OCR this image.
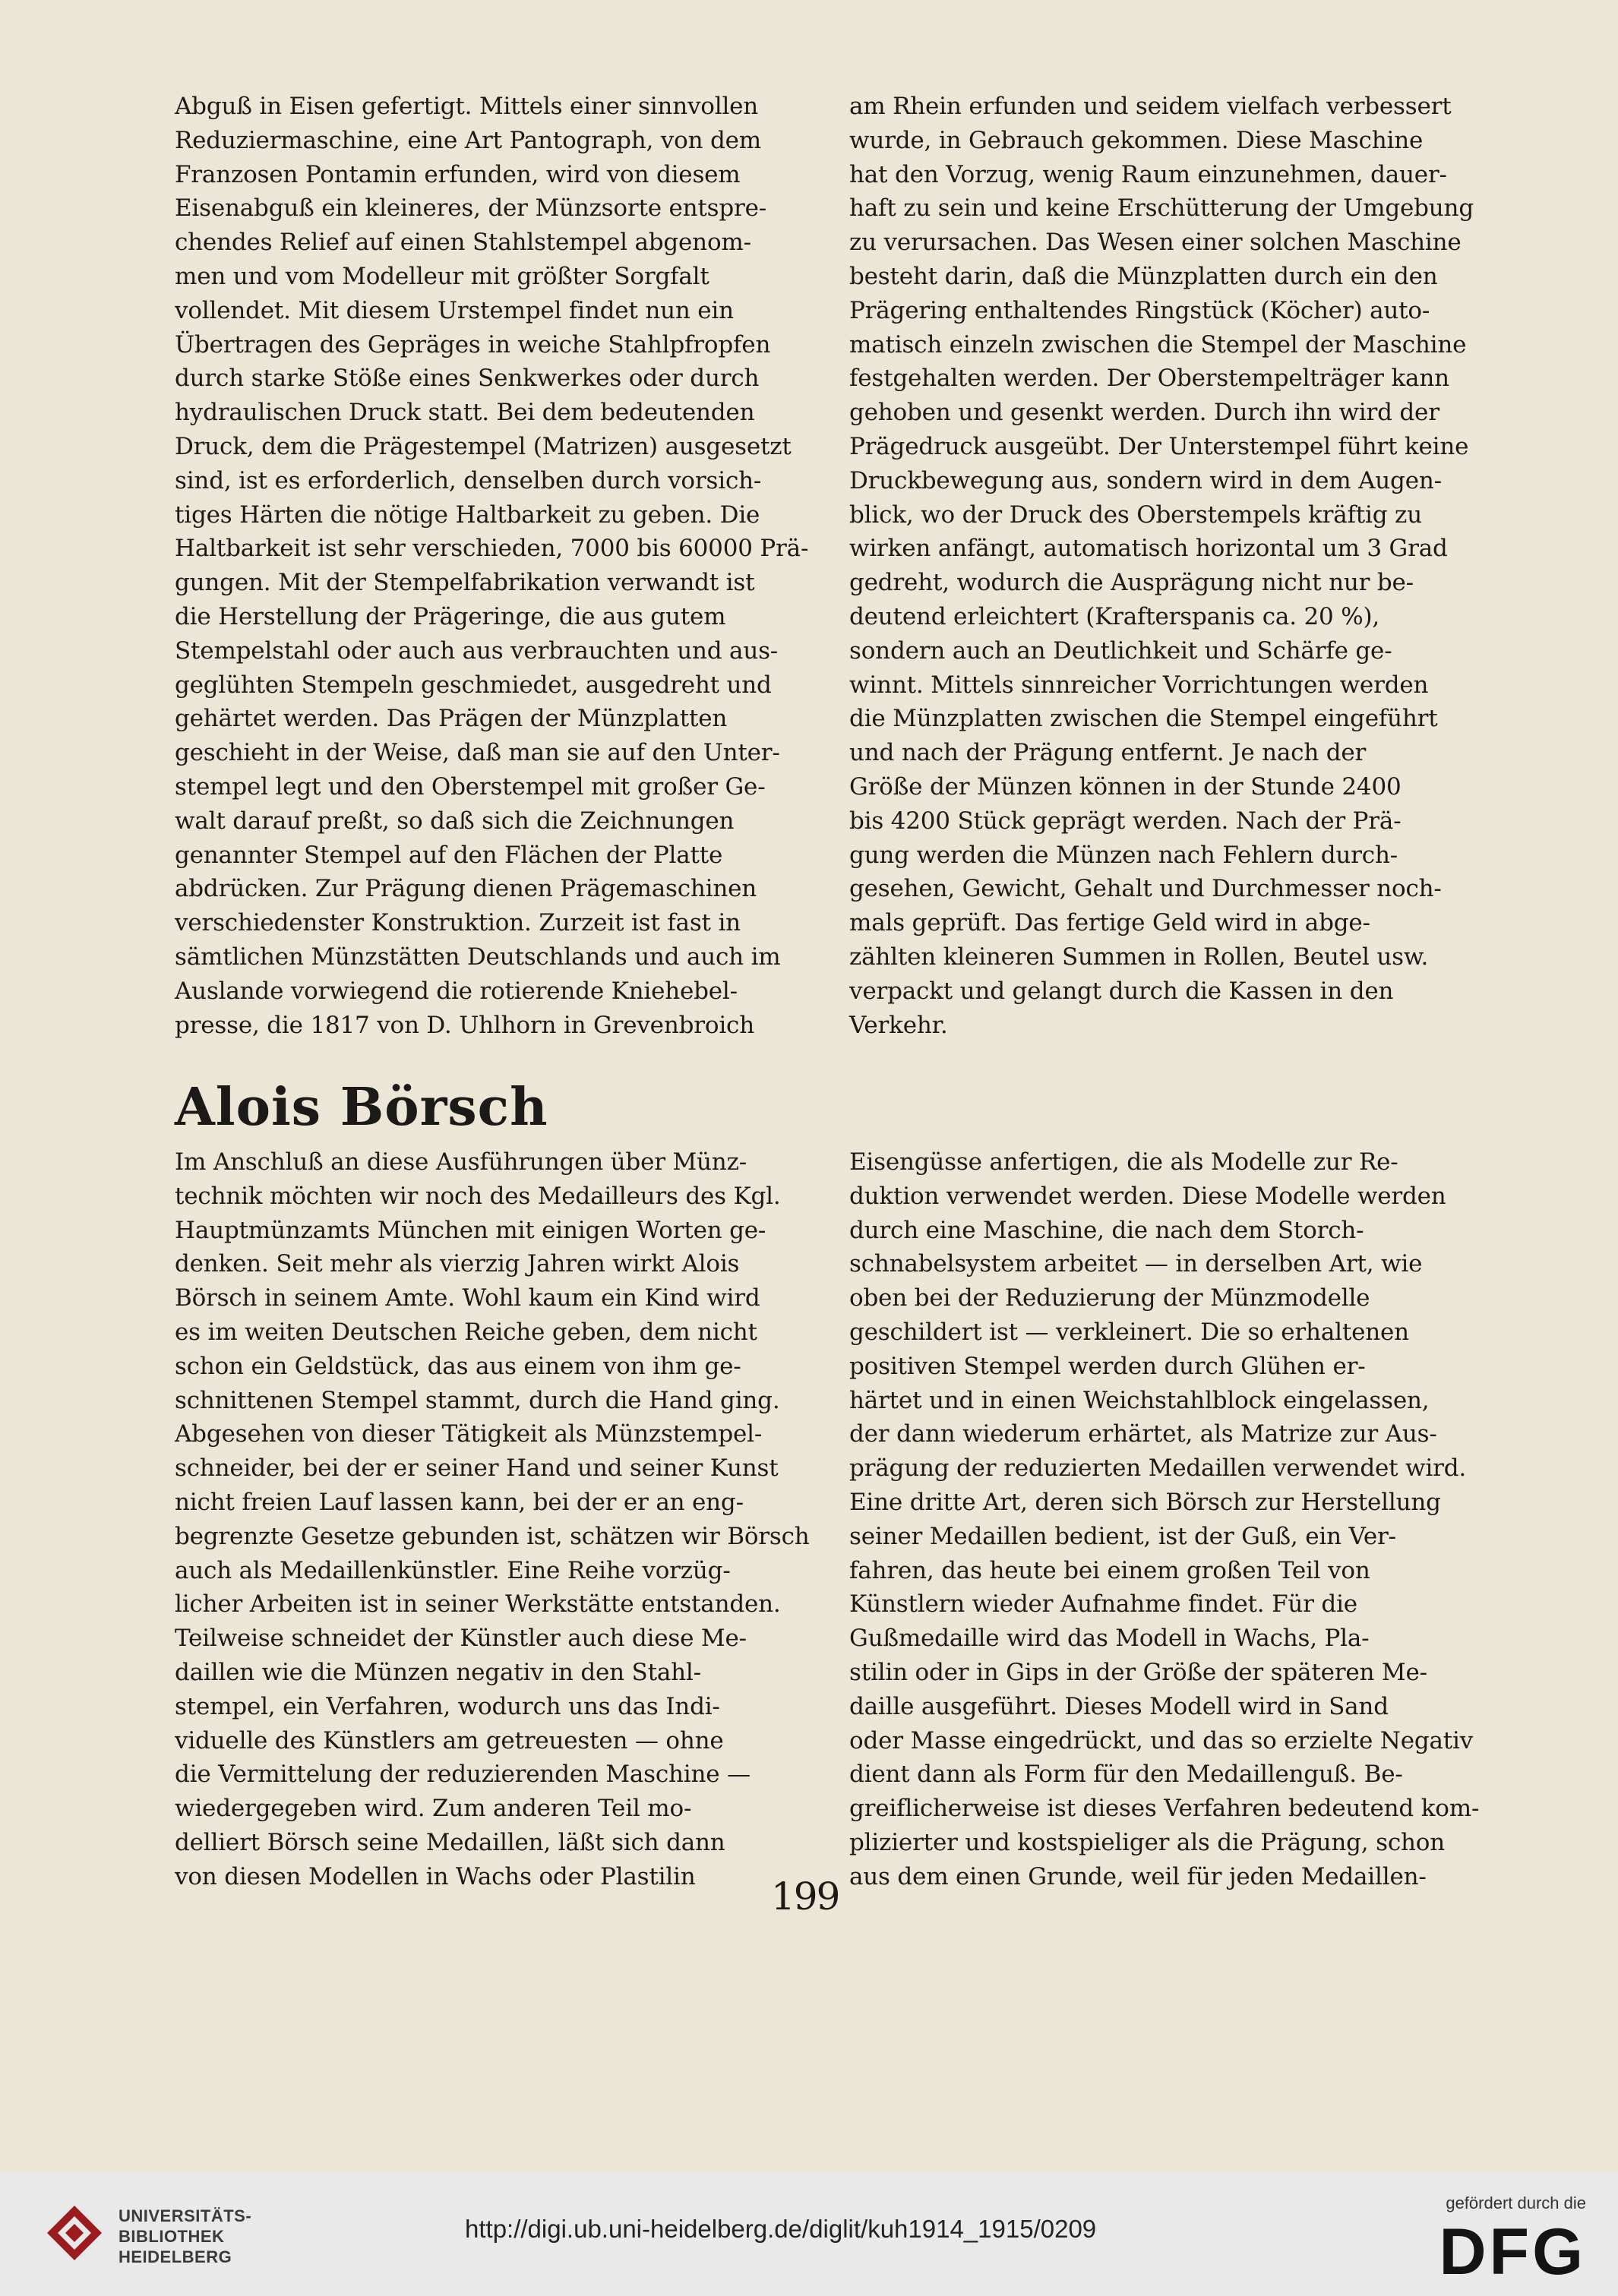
Abguß in Eisen gefertigt. Mittels einer sinnvollen

Reduziermaschine, eine Art Pantograph, von dem

Franzosen Pontamin erfunden, wird von diesem

Eisenabguß ein kleineres, der Münzsorte entspre-

chendes Relief auf einen Stahlstempel abgenom-

men und vom Modelleur mit größter Sorgfalt

vollendet. Mit diesem Urstempel findet nun ein

Übertragen des Gepräges in weiche Stahlpfropfen

durch starke Stöße eines Senkwerkes oder durch

hydraulischen Druck statt. Bei dem bedeutenden

Druck, dem die Prägestempel (Matrizen) ausgesetzt

sind, ist es erforderlich, denselben durch vorsich-

tiges Härten die nötige Haltbarkeit zu geben. Die

Haltbarkeit ist sehr verschieden, 7000 bis 60000 Prä-

gungen. Mit der Stempelfabrikation verwandt ist

die Herstellung der Prägeringe, die aus gutem

Stempelstahl oder auch aus verbrauchten und aus-

geglühten Stempeln geschmiedet, ausgedreht und

gehärtet werden. Das Prägen der Münzplatten

geschieht in der Weise, daß man sie auf den Unter-

stempel legt und den Oberstempel mit großer Ge-

walt darauf preßt, so daß sich die Zeichnungen

genannter Stempel auf den Flächen der Platte

abdrücken. Zur Prägung dienen Prägemaschinen

verschiedenster Konstruktion. Zurzeit ist fast in

sämtlichen Münzstätten Deutschlands und auch im

Auslande vorwiegend die rotierende Kniehebel-

presse, die 1817 von D. Uhlhorn in Grevenbroich

am Rhein erfunden und seidem vielfach verbessert

wurde, in Gebrauch gekommen. Diese Maschine

hat den Vorzug, wenig Raum einzunehmen, dauer-

haft zu sein und keine Erschütterung der Umgebung

zu verursachen. Das Wesen einer solchen Maschine

besteht darin, daß die Münzplatten durch ein den

Prägering enthaltendes Ringstück (Köcher) auto-

matisch einzeln zwischen die Stempel der Maschine

festgehalten werden. Der Oberstempelträger kann

gehoben und gesenkt werden. Durch ihn wird der

Prägedruck ausgeübt. Der Unterstempel führt keine

Druckbewegung aus, sondern wird in dem Augen-

blick, wo der Druck des Oberstempels kräftig zu

wirken anfängt, automatisch horizontal um 3 Grad

gedreht, wodurch die Ausprägung nicht nur be-

deutend erleichtert (Krafterspanis ca. 20 %),

sondern auch an Deutlichkeit und Schärfe ge-

winnt. Mittels sinnreicher Vorrichtungen werden

die Münzplatten zwischen die Stempel eingeführt

und nach der Prägung entfernt. Je nach der

Größe der Münzen können in der Stunde 2400

bis 4200 Stück geprägt werden. Nach der Prä-

gung werden die Münzen nach Fehlern durch-

gesehen, Gewicht, Gehalt und Durchmesser noch-

mals geprüft. Das fertige Geld wird in abge-

zählten kleineren Summen in Rollen, Beutel usw.

verpackt und gelangt durch die Kassen in den

Verkehr.

Alois Börsch

Im Anschluß an diese Ausführungen über Münz-

technik möchten wir noch des Medailleurs des Kgl.

Hauptmünzamts München mit einigen Worten ge-

denken. Seit mehr als vierzig Jahren wirkt Alois

Börsch in seinem Amte. Wohl kaum ein Kind wird

es im weiten Deutschen Reiche geben, dem nicht

schon ein Geldstück, das aus einem von ihm ge-

schnittenen Stempel stammt, durch die Hand ging.

Abgesehen von dieser Tätigkeit als Münzstempel-

schneider, bei der er seiner Hand und seiner Kunst

nicht freien Lauf lassen kann, bei der er an eng-

begrenzte Gesetze gebunden ist, schätzen wir Börsch

auch als Medaillenkünstler. Eine Reihe vorzüg-

licher Arbeiten ist in seiner Werkstätte entstanden.

Teilweise schneidet der Künstler auch diese Me-

daillen wie die Münzen negativ in den Stahl-

stempel, ein Verfahren, wodurch uns das Indi-

viduelle des Künstlers am getreuesten — ohne

die Vermittelung der reduzierenden Maschine —

wiedergegeben wird. Zum anderen Teil mo-

delliert Börsch seine Medaillen, läßt sich dann

von diesen Modellen in Wachs oder Plastilin

Eisengüsse anfertigen, die als Modelle zur Re-

duktion verwendet werden. Diese Modelle werden

durch eine Maschine, die nach dem Storch-

schnabelsystem arbeitet — in derselben Art, wie

oben bei der Reduzierung der Münzmodelle

geschildert ist — verkleinert. Die so erhaltenen

positiven Stempel werden durch Glühen er-

härtet und in einen Weichstahlblock eingelassen,

der dann wiederum erhärtet, als Matrize zur Aus-

prägung der reduzierten Medaillen verwendet wird.

Eine dritte Art, deren sich Börsch zur Herstellung

seiner Medaillen bedient, ist der Guß, ein Ver-

fahren, das heute bei einem großen Teil von

Künstlern wieder Aufnahme findet. Für die

Gußmedaille wird das Modell in Wachs, Pla-

stilin oder in Gips in der Größe der späteren Me-

daille ausgeführt. Dieses Modell wird in Sand

oder Masse eingedrückt, und das so erzielte Negativ

dient dann als Form für den Medaillenguß. Be-

greiflicherweise ist dieses Verfahren bedeutend kom-

plizierter und kostspieliger als die Prägung, schon

aus dem einen Grunde, weil für jeden Medaillen-

199
UNIVERSITÄTS-
BIBLIOTHEK
HEIDELBERG
http://digi.ub.uni-heidelberg.de/diglit/kuh1914_1915/0209
gefördert durch die
DFG
